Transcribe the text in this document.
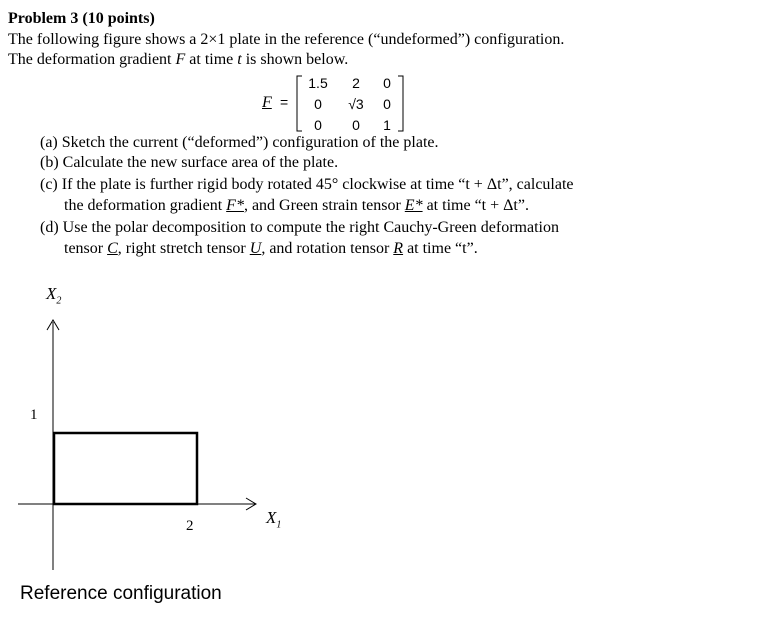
Problem 3 (10 points)
The following figure shows a 2×1 plate in the reference (“undeformed”) configuration.
The deformation gradient F at time t is shown below.
F =
1.5	2	0
0	√3	0
0	0	1
(a) Sketch the current (“deformed”) configuration of the plate.
(b) Calculate the new surface area of the plate.
(c) If the plate is further rigid body rotated 45° clockwise at time “t + Δt”, calculate
the deformation gradient F*, and Green strain tensor E* at time “t + Δt”.
(d) Use the polar decomposition to compute the right Cauchy-Green deformation
tensor C, right stretch tensor U, and rotation tensor R at time “t”.
$X_2$
$X_1$
1
2
Reference configuration
